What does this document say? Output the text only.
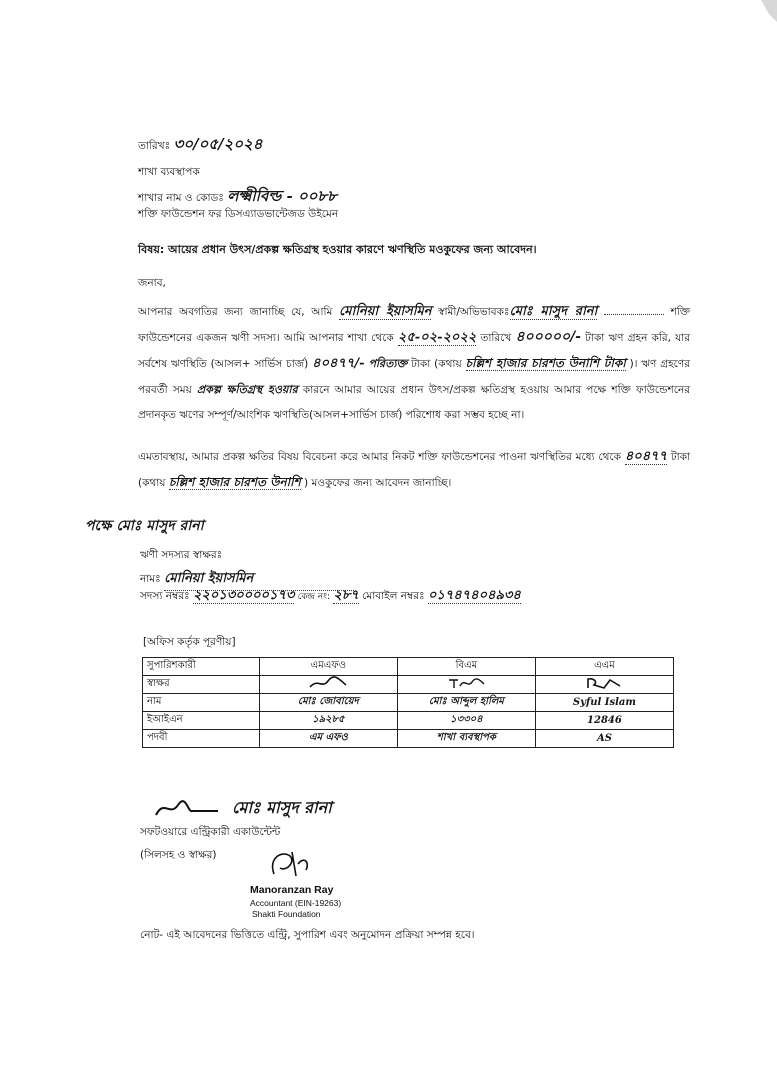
তারিখঃ ৩০/০৫/২০২৪
শাখা ব্যবস্থাপক
শাখার নাম ও কোডঃ লক্ষ্মীবিল্ড - ০০৮৮
শক্তি ফাউন্ডেশন ফর ডিসএ্যাডভান্টেজড উইমেন
বিষয়: আয়ের প্রধান উৎস/প্রকল্প ক্ষতিগ্রস্থ হওয়ার কারণে ঋণস্থিতি মওকুফের জন্য আবেদন।
জনাব,
আপনার অবগতির জন্য জানাচ্ছি যে, আমি মোনিয়া ইয়াসমিন স্বামী/অভিভাবকঃমোঃ মাসুদ রানা	শক্তি ফাউন্ডেশনের একজন ঋণী সদস্য। আমি আপনার শাখা থেকে ২৫-০২-২০২২ তারিখে ৪০০০০০/- টাকা ঋণ গ্রহন করি, যার সর্বশেষ ঋণস্থিতি (আসল+ সার্ভিস চার্জ) ৪০৪৭৭/- পরিত্যক্ত টাকা (কথায় চল্লিশ হাজার চারশত উনাশি টাকা )। ঋণ গ্রহণের পরবর্তী সময় প্রকল্প ক্ষতিগ্রস্থ হওয়ার কারনে আমার আয়ের প্রধান উৎস/প্রকল্প ক্ষতিগ্রস্থ হওয়ায় আমার পক্ষে শক্তি ফাউন্ডেশনের প্রদানকৃত ঋণের সম্পূর্ণ/আংশিক ঋণস্থিতি(আসল+সার্ভিস চার্জ) পরিশোধ করা সম্ভব হচ্ছে না।
এমতাবস্থায়, আমার প্রকল্প ক্ষতির বিষয় বিবেচনা করে আমার নিকট শক্তি ফাউন্ডেশনের পাওনা ঋণস্থিতির মধ্যে থেকে ৪০৪৭৭ টাকা (কথায় চল্লিশ হাজার চারশত উনাশি ) মওকুফের জন্য আবেদন জানাচ্ছি।
পক্ষে মোঃ মাসুদ রানা
ঋণী সদস্যর স্বাক্ষরঃ
নামঃ মোনিয়া ইয়াসমিন
সদস্য নম্বরঃ ২২০১৩০০০০১৭৩ কেন্দ্র নং: ২৮৭ মোবাইল নম্বরঃ ০১৭৪৭৪০৪৯৩৪
[অফিস কর্তৃক পূরণীয়]
সুপারিশকারী	এমএফও	বিএম	এএম
স্বাক্ষর			
নাম	মোঃ জোবায়েদ	মোঃ আব্দুল হালিম	Syful Islam
ইআইএন	১৯২৮৫	১৩৩০৪	12846
পদবী	এম এফও	শাখা ব্যবস্থাপক	AS
মোঃ মাসুদ রানা
সফটওয়ারে এন্ট্রিকারী একাউন্টেন্ট
(সিলসহ ও স্বাক্ষর)
Manoranzan Ray
Accountant (EIN-19263)
Shakti Foundation
নোট- এই আবেদনের ভিত্তিতে এন্ট্রি, সুপারিশ এবং অনুমোদন প্রক্রিয়া সম্পন্ন হবে।
